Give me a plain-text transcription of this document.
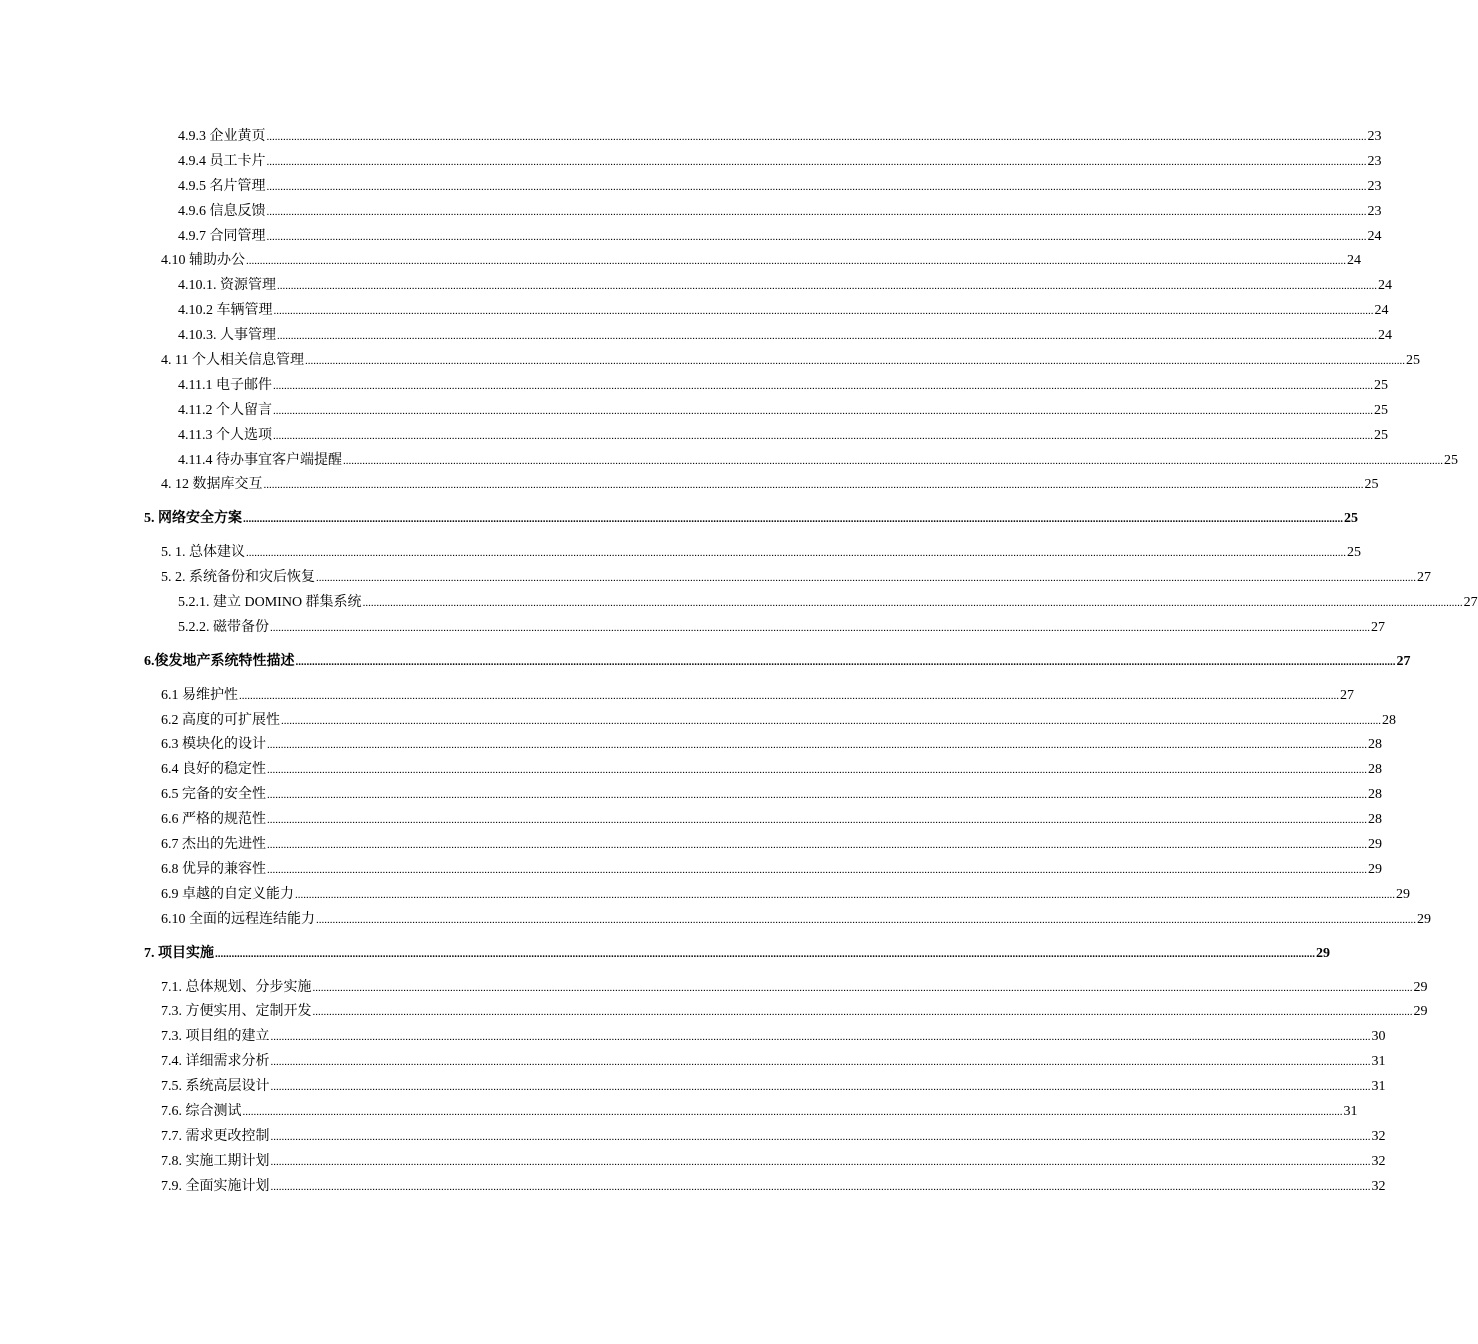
4.9.3 企业黄页 ................................................................................................................................................................................................................................................................................................................................................................................................................ 23
4.9.4 员工卡片 ................................................................................................................................................................................................................................................................................................................................................................................................................ 23
4.9.5 名片管理 ................................................................................................................................................................................................................................................................................................................................................................................................................ 23
4.9.6 信息反馈 ................................................................................................................................................................................................................................................................................................................................................................................................................ 23
4.9.7 合同管理 ................................................................................................................................................................................................................................................................................................................................................................................................................ 24
4.10 辅助办公 ................................................................................................................................................................................................................................................................................................................................................................................................................ 24
4.10.1. 资源管理 ................................................................................................................................................................................................................................................................................................................................................................................................................ 24
4.10.2 车辆管理 ................................................................................................................................................................................................................................................................................................................................................................................................................ 24
4.10.3. 人事管理 ................................................................................................................................................................................................................................................................................................................................................................................................................ 24
4. 11 个人相关信息管理 ................................................................................................................................................................................................................................................................................................................................................................................................................ 25
4.11.1 电子邮件 ................................................................................................................................................................................................................................................................................................................................................................................................................ 25
4.11.2 个人留言 ................................................................................................................................................................................................................................................................................................................................................................................................................ 25
4.11.3 个人选项 ................................................................................................................................................................................................................................................................................................................................................................................................................ 25
4.11.4 待办事宜客户端提醒 ................................................................................................................................................................................................................................................................................................................................................................................................................ 25
4. 12 数据库交互 ................................................................................................................................................................................................................................................................................................................................................................................................................ 25
5. 网络安全方案 ................................................................................................................................................................................................................................................................................................................................................................................................................ 25
5. 1. 总体建议 ................................................................................................................................................................................................................................................................................................................................................................................................................ 25
5. 2. 系统备份和灾后恢复 ................................................................................................................................................................................................................................................................................................................................................................................................................ 27
5.2.1. 建立 DOMINO 群集系统 ................................................................................................................................................................................................................................................................................................................................................................................................................ 27
5.2.2. 磁带备份 ................................................................................................................................................................................................................................................................................................................................................................................................................ 27
6.俊发地产系统特性描述 ................................................................................................................................................................................................................................................................................................................................................................................................................ 27
6.1 易维护性 ................................................................................................................................................................................................................................................................................................................................................................................................................ 27
6.2 高度的可扩展性 ................................................................................................................................................................................................................................................................................................................................................................................................................ 28
6.3 模块化的设计 ................................................................................................................................................................................................................................................................................................................................................................................................................ 28
6.4 良好的稳定性 ................................................................................................................................................................................................................................................................................................................................................................................................................ 28
6.5 完备的安全性 ................................................................................................................................................................................................................................................................................................................................................................................................................ 28
6.6 严格的规范性 ................................................................................................................................................................................................................................................................................................................................................................................................................ 28
6.7 杰出的先进性 ................................................................................................................................................................................................................................................................................................................................................................................................................ 29
6.8 优异的兼容性 ................................................................................................................................................................................................................................................................................................................................................................................................................ 29
6.9 卓越的自定义能力 ................................................................................................................................................................................................................................................................................................................................................................................................................ 29
6.10 全面的远程连结能力 ................................................................................................................................................................................................................................................................................................................................................................................................................ 29
7. 项目实施 ................................................................................................................................................................................................................................................................................................................................................................................................................ 29
7.1. 总体规划、分步实施 ................................................................................................................................................................................................................................................................................................................................................................................................................ 29
7.3. 方便实用、定制开发 ................................................................................................................................................................................................................................................................................................................................................................................................................ 29
7.3. 项目组的建立 ................................................................................................................................................................................................................................................................................................................................................................................................................ 30
7.4. 详细需求分析 ................................................................................................................................................................................................................................................................................................................................................................................................................ 31
7.5. 系统高层设计 ................................................................................................................................................................................................................................................................................................................................................................................................................ 31
7.6. 综合测试 ................................................................................................................................................................................................................................................................................................................................................................................................................ 31
7.7. 需求更改控制 ................................................................................................................................................................................................................................................................................................................................................................................................................ 32
7.8. 实施工期计划 ................................................................................................................................................................................................................................................................................................................................................................................................................ 32
7.9. 全面实施计划 ................................................................................................................................................................................................................................................................................................................................................................................................................ 32
